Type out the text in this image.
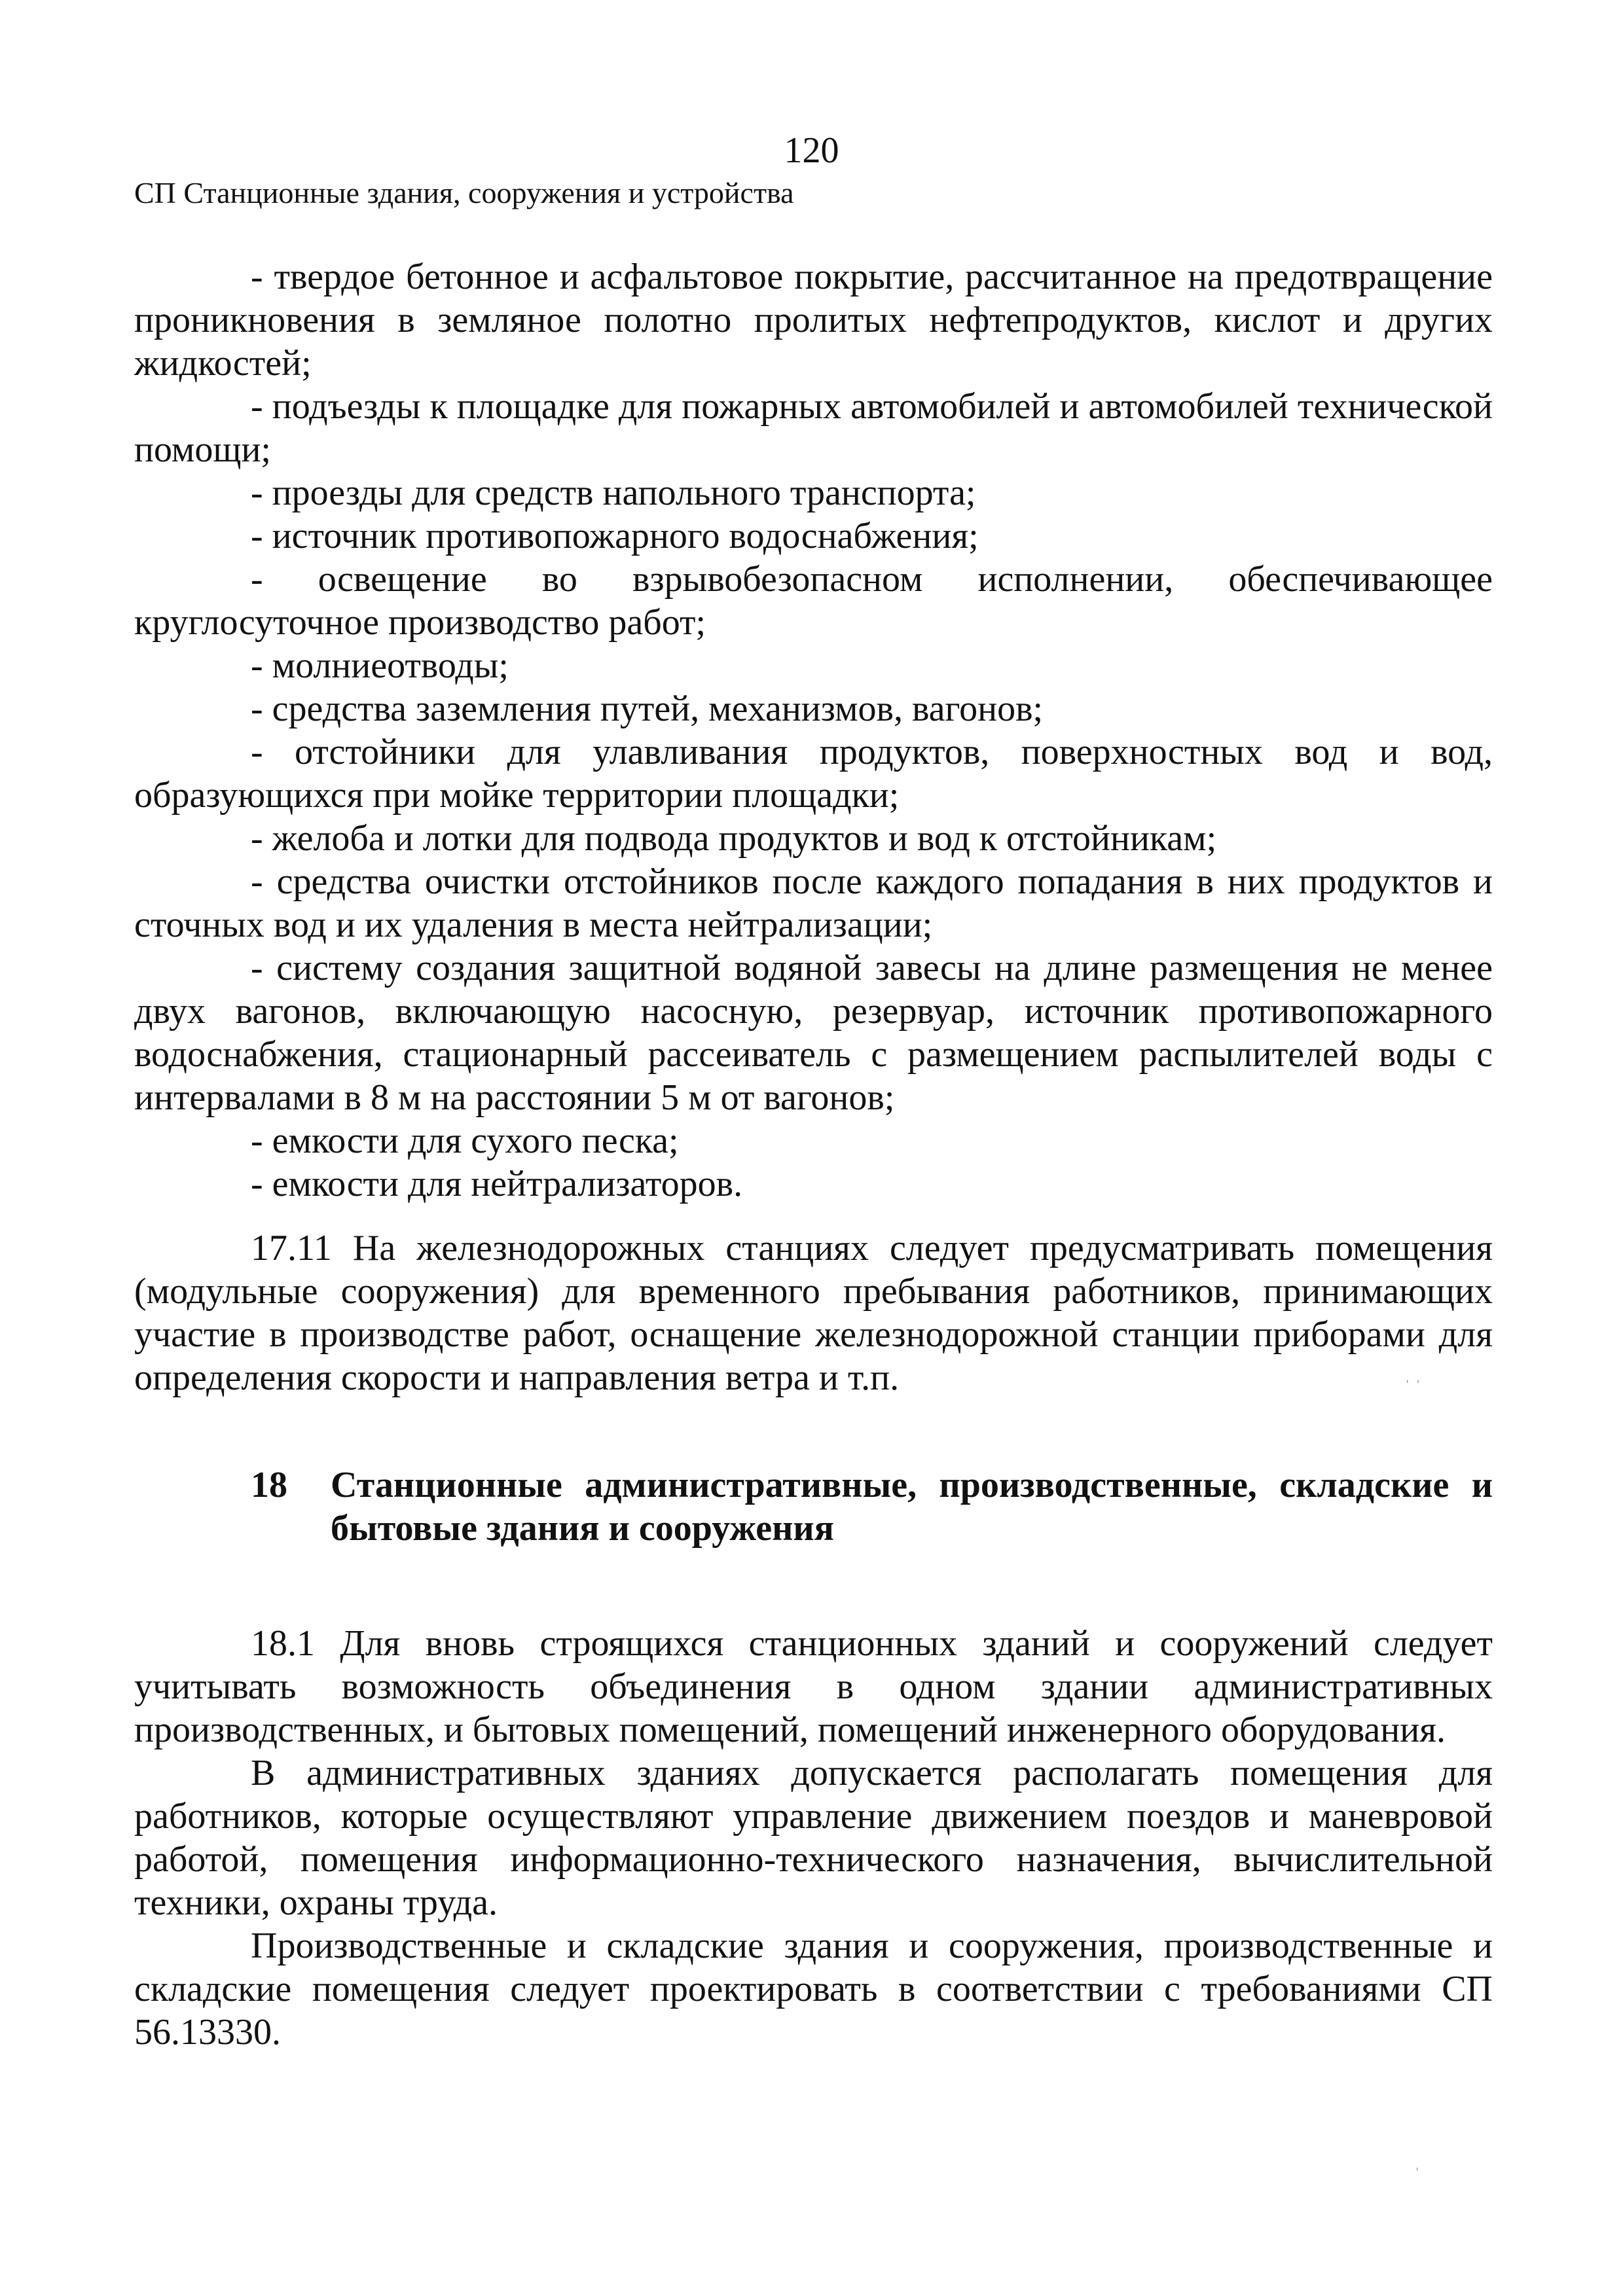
120
СП Станционные здания, сооружения и устройства

- твердое бетонное и асфальтовое покрытие, рассчитанное на предотвращение проникновения в земляное полотно пролитых нефтепродуктов, кислот и других жидкостей;

- подъезды к площадке для пожарных автомобилей и автомобилей технической помощи;

- проезды для средств напольного транспорта;

- источник противопожарного водоснабжения;

- освещение во взрывобезопасном исполнении, обеспечивающее круглосуточное производство работ;

- молниеотводы;

- средства заземления путей, механизмов, вагонов;

- отстойники для улавливания продуктов, поверхностных вод и вод, образующихся при мойке территории площадки;

- желоба и лотки для подвода продуктов и вод к отстойникам;

- средства очистки отстойников после каждого попадания в них продуктов и сточных вод и их удаления в места нейтрализации;

- систему создания защитной водяной завесы на длине размещения не менее двух вагонов, включающую насосную, резервуар, источник противопожарного водоснабжения, стационарный рассеиватель с размещением распылителей воды с интервалами в 8 м на расстоянии 5 м от вагонов;

- емкости для сухого песка;

- емкости для нейтрализаторов.

17.11 На железнодорожных станциях следует предусматривать помещения (модульные сооружения) для временного пребывания работников, принимающих участие в производстве работ, оснащение железнодорожной станции приборами для определения скорости и направления ветра и т.п.

18	Станционные административные, производственные, складские и бытовые здания и сооружения

18.1 Для вновь строящихся станционных зданий и сооружений следует учитывать возможность объединения в одном здании административных производственных, и бытовых помещений, помещений инженерного оборудования.

В административных зданиях допускается располагать помещения для работников, которые осуществляют управление движением поездов и маневровой работой, помещения информационно-технического назначения, вычислительной техники, охраны труда.

Производственные и складские здания и сооружения, производственные и складские помещения следует проектировать в соответствии с требованиями СП 56.13330.

ˌ ˌ
ˈ
